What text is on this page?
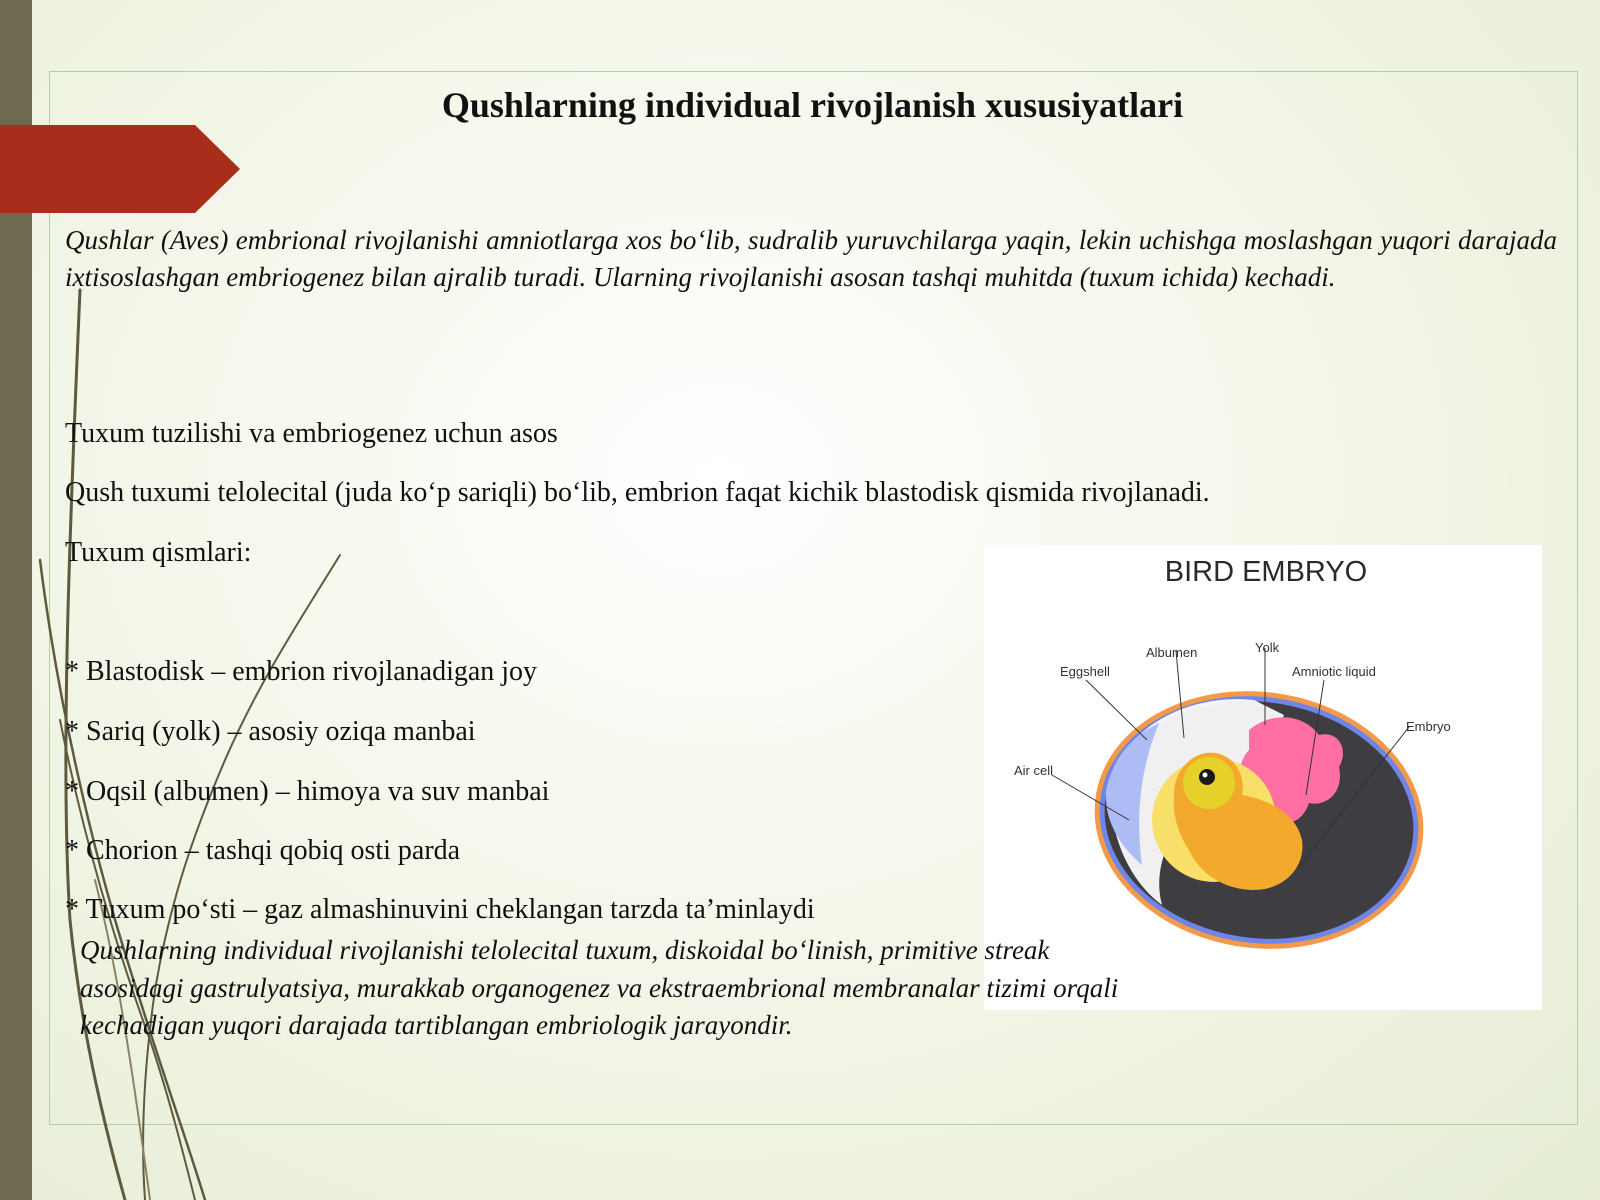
Qushlarning individual rivojlanish xususiyatlari

Qushlar (Aves) embrional rivojlanishi amniotlarga xos bo‘lib, sudralib yuruvchilarga yaqin, lekin uchishga moslashgan yuqori darajada ixtisoslashgan embriogenez bilan ajralib turadi. Ularning rivojlanishi asosan tashqi muhitda (tuxum ichida) kechadi.

Tuxum tuzilishi va embriogenez uchun asos

Qush tuxumi telolecital (juda ko‘p sariqli) bo‘lib, embrion faqat kichik blastodisk qismida rivojlanadi.

Tuxum qismlari:

* Blastodisk – embrion rivojlanadigan joy

* Sariq (yolk) – asosiy oziqa manbai

* Oqsil (albumen) – himoya va suv manbai

* Chorion – tashqi qobiq osti parda

* Tuxum po‘sti – gaz almashinuvini cheklangan tarzda ta’minlaydi

BIRD EMBRYO
Eggshell
Albumen	Yolk
Amniotic liquid
Embryo
Air cell

Qushlarning individual rivojlanishi telolecital tuxum, diskoidal bo‘linish, primitive streak asosidagi gastrulyatsiya, murakkab organogenez va ekstraembrional membranalar tizimi orqali kechadigan yuqori darajada tartiblangan embriologik jarayondir.
